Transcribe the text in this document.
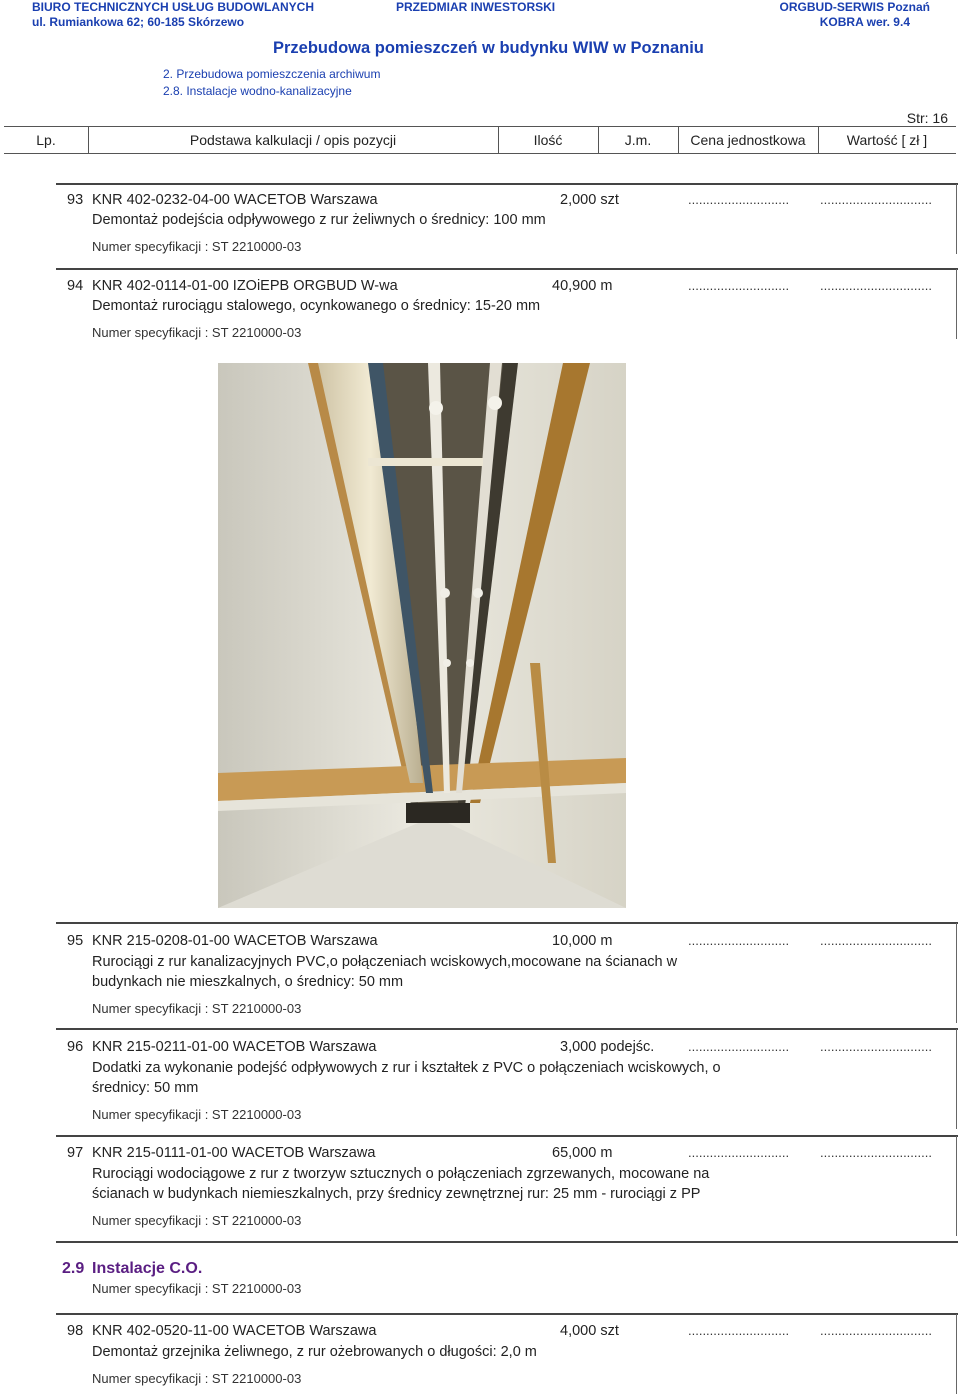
BIURO TECHNICZNYCH USŁUG BUDOWLANYCH
ul. Rumiankowa 62; 60-185 Skórzewo
PRZEDMIAR INWESTORSKI	ORGBUD-SERWIS Poznań
KOBRA wer. 9.4
Przebudowa pomieszczeń w budynku WIW w Poznaniu
2. Przebudowa pomieszczenia archiwum
2.8. Instalacje wodno-kanalizacyjne
Str: 16
Lp.	Podstawa kalkulacji / opis pozycji	Ilość	J.m.	Cena jednostkowa	Wartość [ zł ]
93 KNR 402-0232-04-00 WACETOB Warszawa	2,000 szt	............................ ...............................
Demontaż podejścia odpływowego z rur żeliwnych o średnicy: 100 mm
Numer specyfikacji : ST 2210000-03
94 KNR 402-0114-01-00 IZOiEPB ORGBUD W-wa	40,900 m	............................ ...............................
Demontaż rurociągu stalowego, ocynkowanego o średnicy: 15-20 mm
Numer specyfikacji : ST 2210000-03
95 KNR 215-0208-01-00 WACETOB Warszawa	10,000 m	............................ ...............................
Rurociągi z rur kanalizacyjnych PVC,o połączeniach wciskowych,mocowane na ścianach w
budynkach nie mieszkalnych, o średnicy: 50 mm
Numer specyfikacji : ST 2210000-03
96 KNR 215-0211-01-00 WACETOB Warszawa	3,000 podejśc.	............................ ...............................
Dodatki za wykonanie podejść odpływowych z rur i kształtek z PVC o połączeniach wciskowych, o
średnicy: 50 mm
Numer specyfikacji : ST 2210000-03
97 KNR 215-0111-01-00 WACETOB Warszawa	65,000 m	............................ ...............................
Rurociągi wodociągowe z rur z tworzyw sztucznych o połączeniach zgrzewanych, mocowane na
ścianach w budynkach niemieszkalnych, przy średnicy zewnętrznej rur: 25 mm - rurociągi z PP
Numer specyfikacji : ST 2210000-03
2.9 Instalacje C.O.
Numer specyfikacji : ST 2210000-03
98 KNR 402-0520-11-00 WACETOB Warszawa	4,000 szt	............................ ...............................
Demontaż grzejnika żeliwnego, z rur ożebrowanych o długości: 2,0 m
Numer specyfikacji : ST 2210000-03
